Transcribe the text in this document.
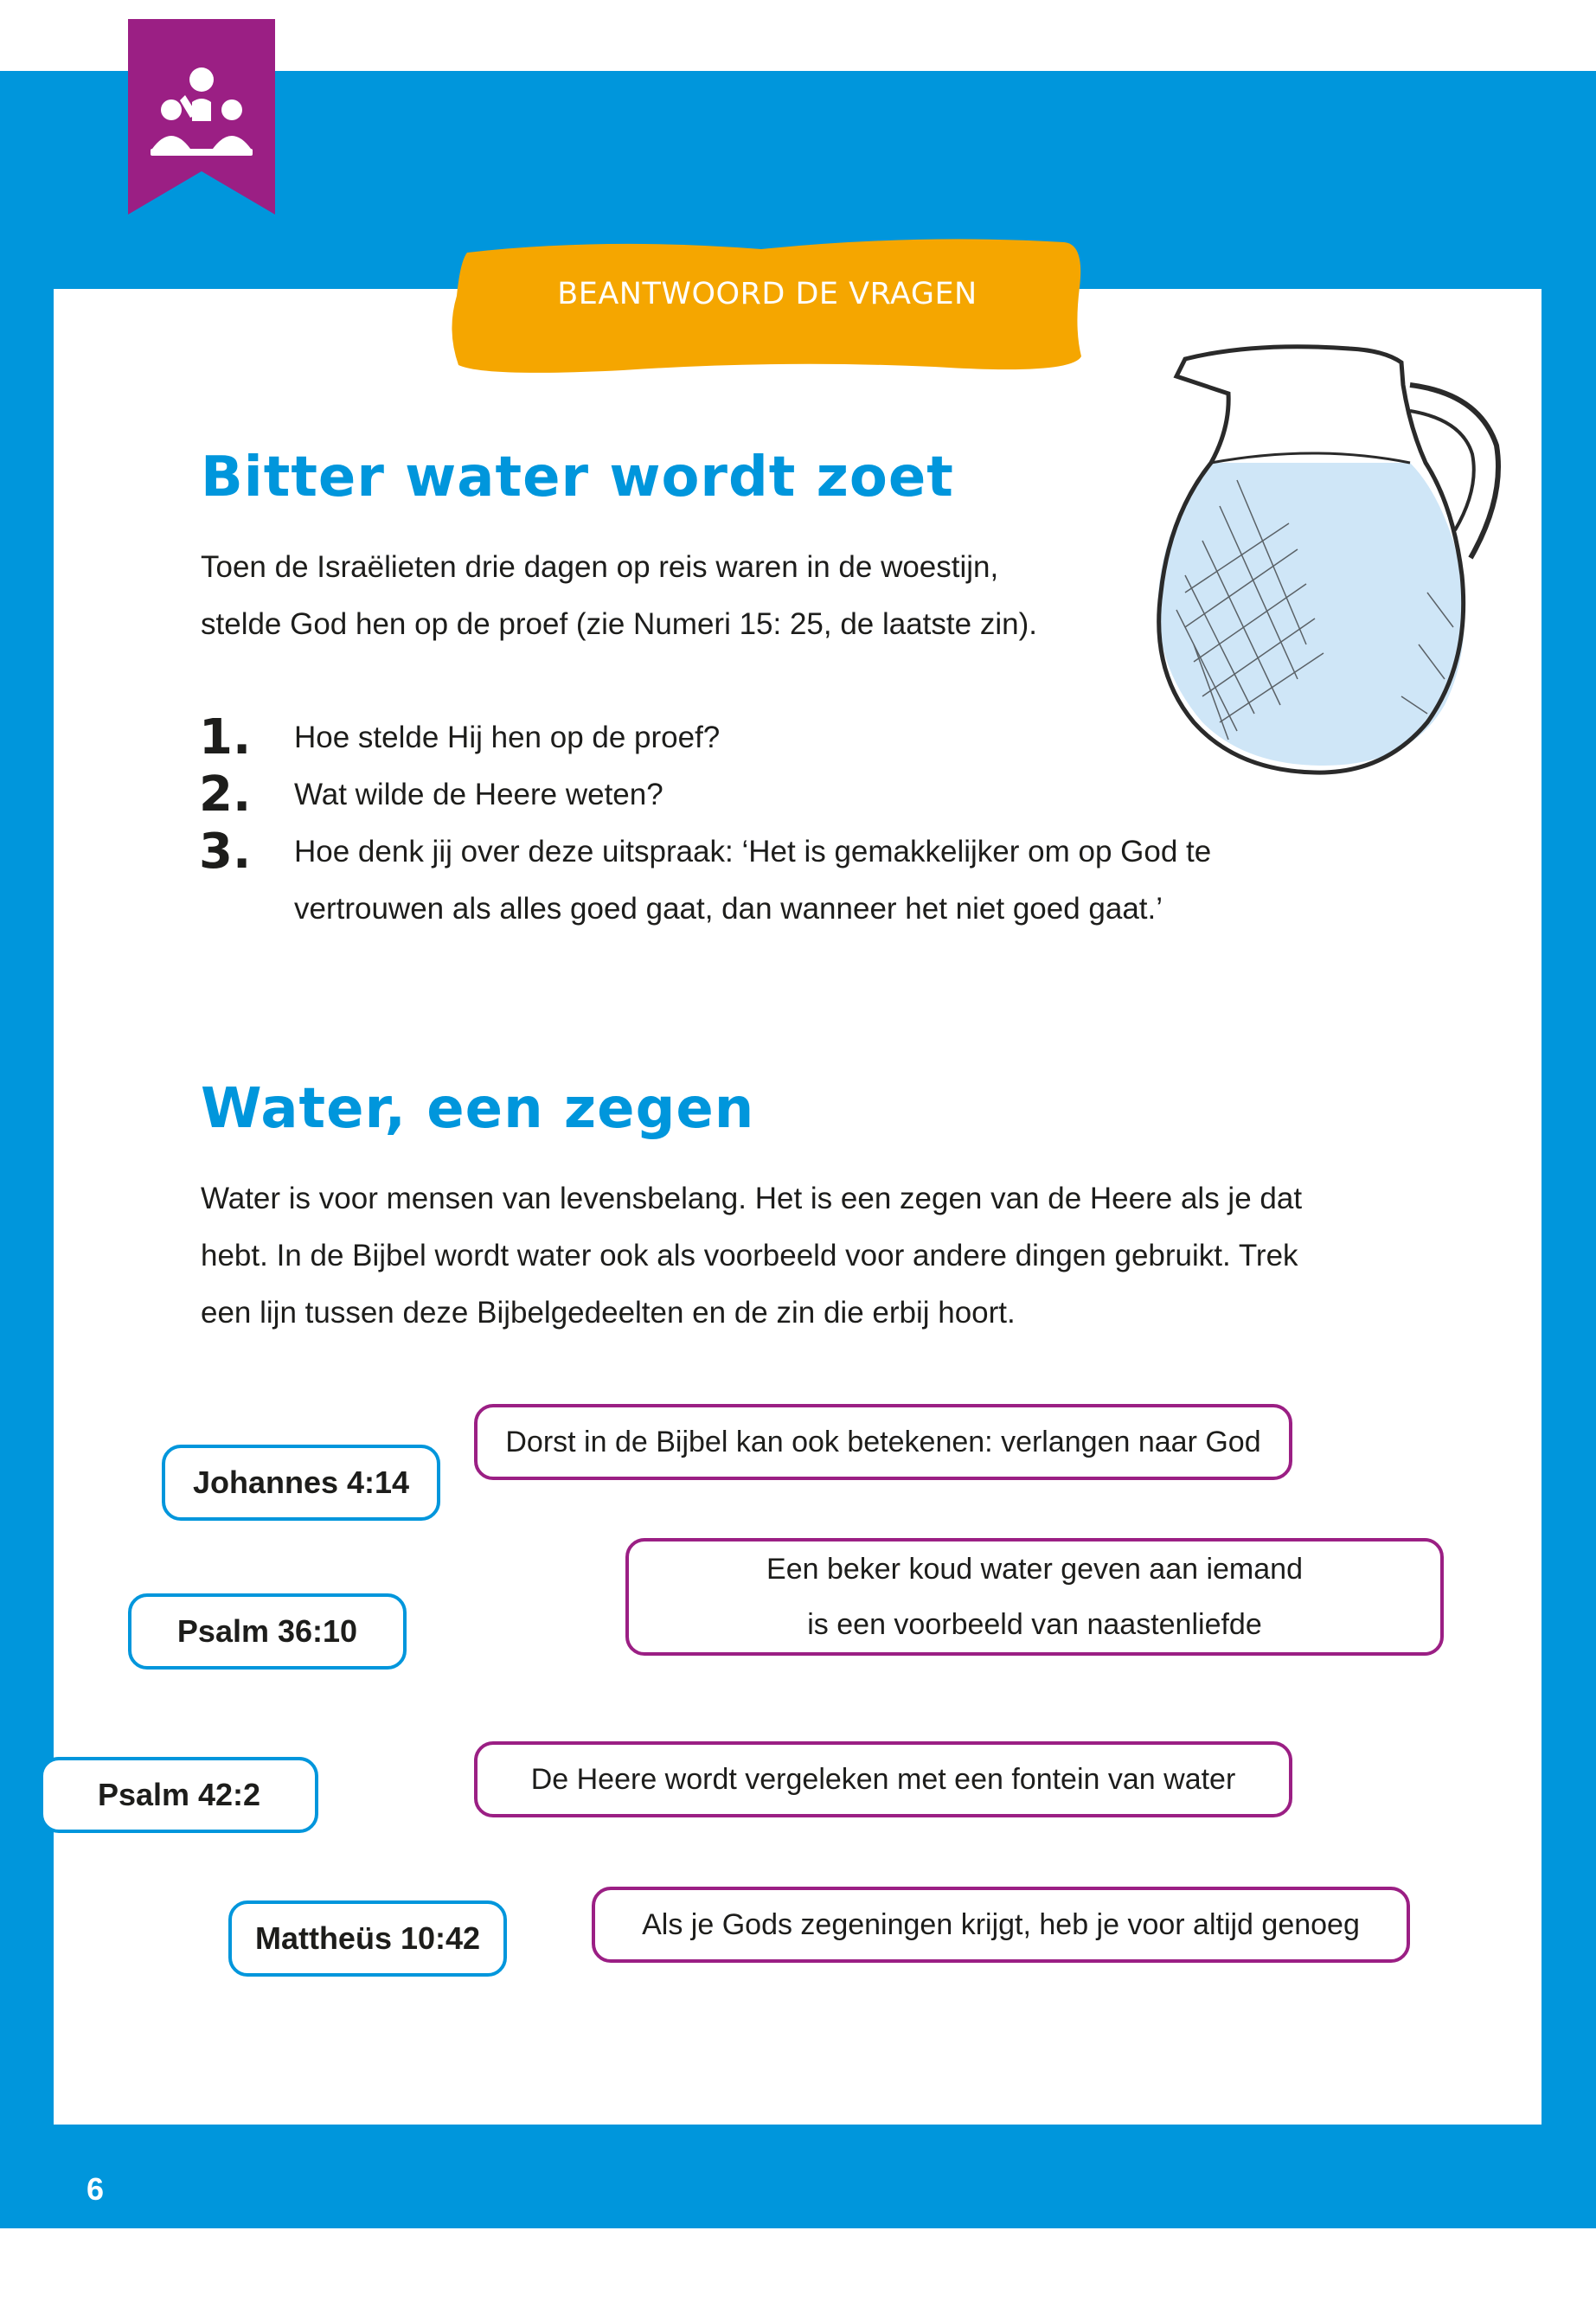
BEANTWOORD DE VRAGEN
Bitter water wordt zoet
Toen de Israëlieten drie dagen op reis waren in de woestijn,
stelde God hen op de proef (zie Numeri 15: 25, de laatste zin).
1. Hoe stelde Hij hen op de proef?
2. Wat wilde de Heere weten?
3. Hoe denk jij over deze uitspraak: ‘Het is gemakkelijker om op God te
vertrouwen als alles goed gaat, dan wanneer het niet goed gaat.’
Water, een zegen
Water is voor mensen van levensbelang. Het is een zegen van de Heere als je dat
hebt. In de Bijbel wordt water ook als voorbeeld voor andere dingen gebruikt. Trek
een lijn tussen deze Bijbelgedeelten en de zin die erbij hoort.
Johannes 4:14
Psalm 36:10
Psalm 42:2
Mattheüs 10:42
Dorst in de Bijbel kan ook betekenen: verlangen naar God
Een beker koud water geven aan iemand
is een voorbeeld van naastenliefde
De Heere wordt vergeleken met een fontein van water
Als je Gods zegeningen krijgt, heb je voor altijd genoeg
6
